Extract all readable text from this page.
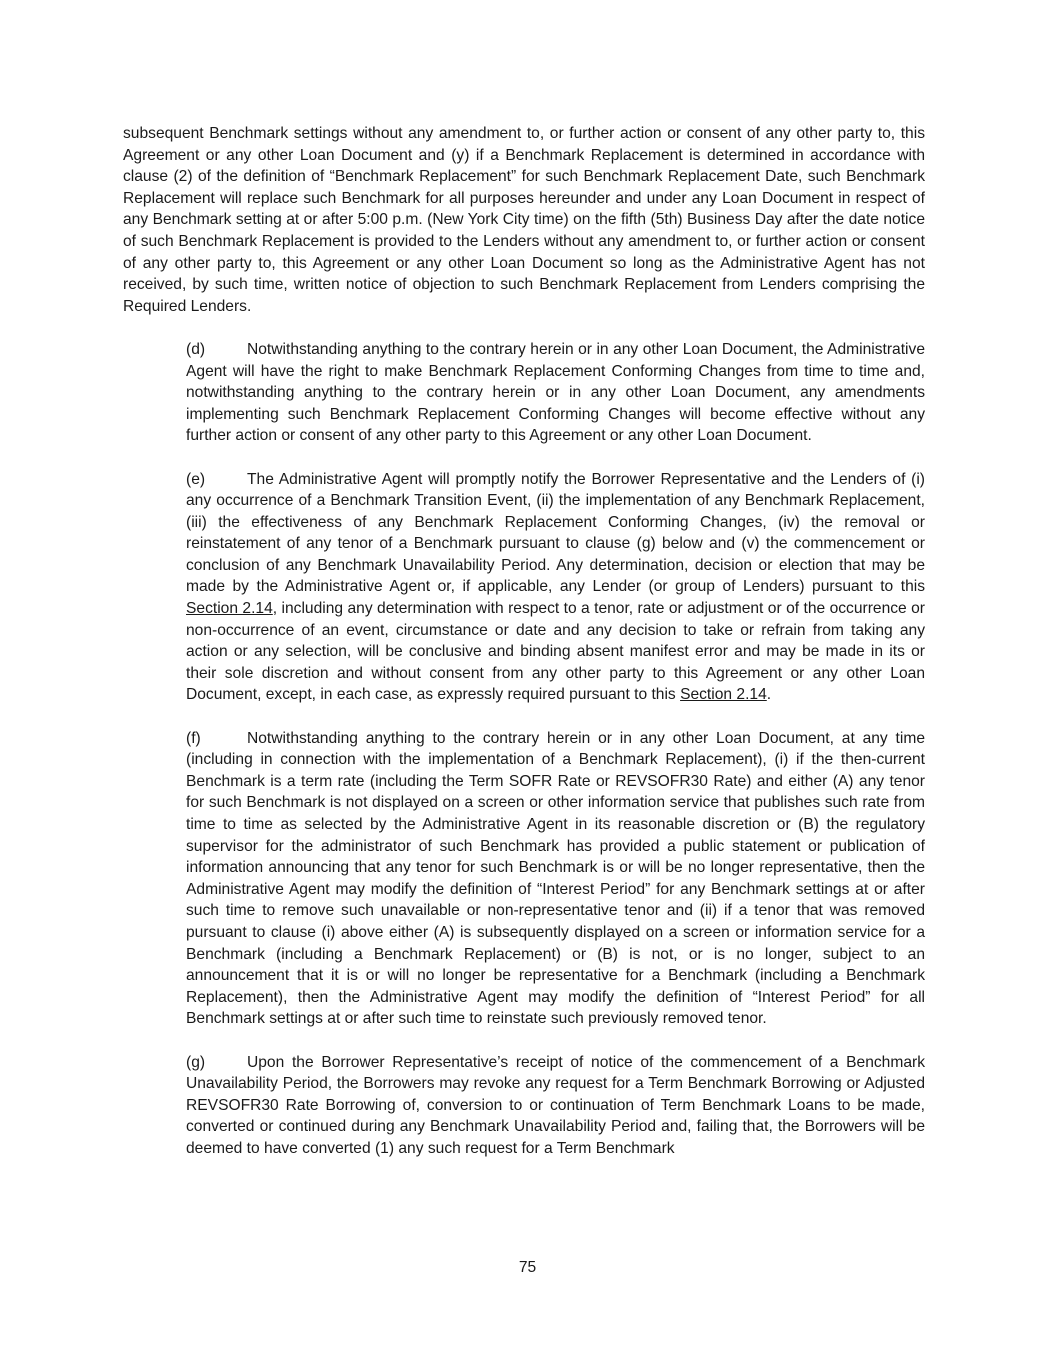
subsequent Benchmark settings without any amendment to, or further action or consent of any other party to, this Agreement or any other Loan Document and (y) if a Benchmark Replacement is determined in accordance with clause (2) of the definition of “Benchmark Replacement” for such Benchmark Replacement Date, such Benchmark Replacement will replace such Benchmark for all purposes hereunder and under any Loan Document in respect of any Benchmark setting at or after 5:00 p.m. (New York City time) on the fifth (5th) Business Day after the date notice of such Benchmark Replacement is provided to the Lenders without any amendment to, or further action or consent of any other party to, this Agreement or any other Loan Document so long as the Administrative Agent has not received, by such time, written notice of objection to such Benchmark Replacement from Lenders comprising the Required Lenders.

(d)	Notwithstanding anything to the contrary herein or in any other Loan Document, the Administrative Agent will have the right to make Benchmark Replacement Conforming Changes from time to time and, notwithstanding anything to the contrary herein or in any other Loan Document, any amendments implementing such Benchmark Replacement Conforming Changes will become effective without any further action or consent of any other party to this Agreement or any other Loan Document.

(e)	The Administrative Agent will promptly notify the Borrower Representative and the Lenders of (i) any occurrence of a Benchmark Transition Event, (ii) the implementation of any Benchmark Replacement, (iii) the effectiveness of any Benchmark Replacement Conforming Changes, (iv) the removal or reinstatement of any tenor of a Benchmark pursuant to clause (g) below and (v) the commencement or conclusion of any Benchmark Unavailability Period. Any determination, decision or election that may be made by the Administrative Agent or, if applicable, any Lender (or group of Lenders) pursuant to this Section 2.14, including any determination with respect to a tenor, rate or adjustment or of the occurrence or non-occurrence of an event, circumstance or date and any decision to take or refrain from taking any action or any selection, will be conclusive and binding absent manifest error and may be made in its or their sole discretion and without consent from any other party to this Agreement or any other Loan Document, except, in each case, as expressly required pursuant to this Section 2.14.

(f)	Notwithstanding anything to the contrary herein or in any other Loan Document, at any time (including in connection with the implementation of a Benchmark Replacement), (i) if the then-current Benchmark is a term rate (including the Term SOFR Rate or REVSOFR30 Rate) and either (A) any tenor for such Benchmark is not displayed on a screen or other information service that publishes such rate from time to time as selected by the Administrative Agent in its reasonable discretion or (B) the regulatory supervisor for the administrator of such Benchmark has provided a public statement or publication of information announcing that any tenor for such Benchmark is or will be no longer representative, then the Administrative Agent may modify the definition of “Interest Period” for any Benchmark settings at or after such time to remove such unavailable or non-representative tenor and (ii) if a tenor that was removed pursuant to clause (i) above either (A) is subsequently displayed on a screen or information service for a Benchmark (including a Benchmark Replacement) or (B) is not, or is no longer, subject to an announcement that it is or will no longer be representative for a Benchmark (including a Benchmark Replacement), then the Administrative Agent may modify the definition of “Interest Period” for all Benchmark settings at or after such time to reinstate such previously removed tenor.

(g)	Upon the Borrower Representative’s receipt of notice of the commencement of a Benchmark Unavailability Period, the Borrowers may revoke any request for a Term Benchmark Borrowing or Adjusted REVSOFR30 Rate Borrowing of, conversion to or continuation of Term Benchmark Loans to be made, converted or continued during any Benchmark Unavailability Period and, failing that, the Borrowers will be deemed to have converted (1) any such request for a Term Benchmark

75
